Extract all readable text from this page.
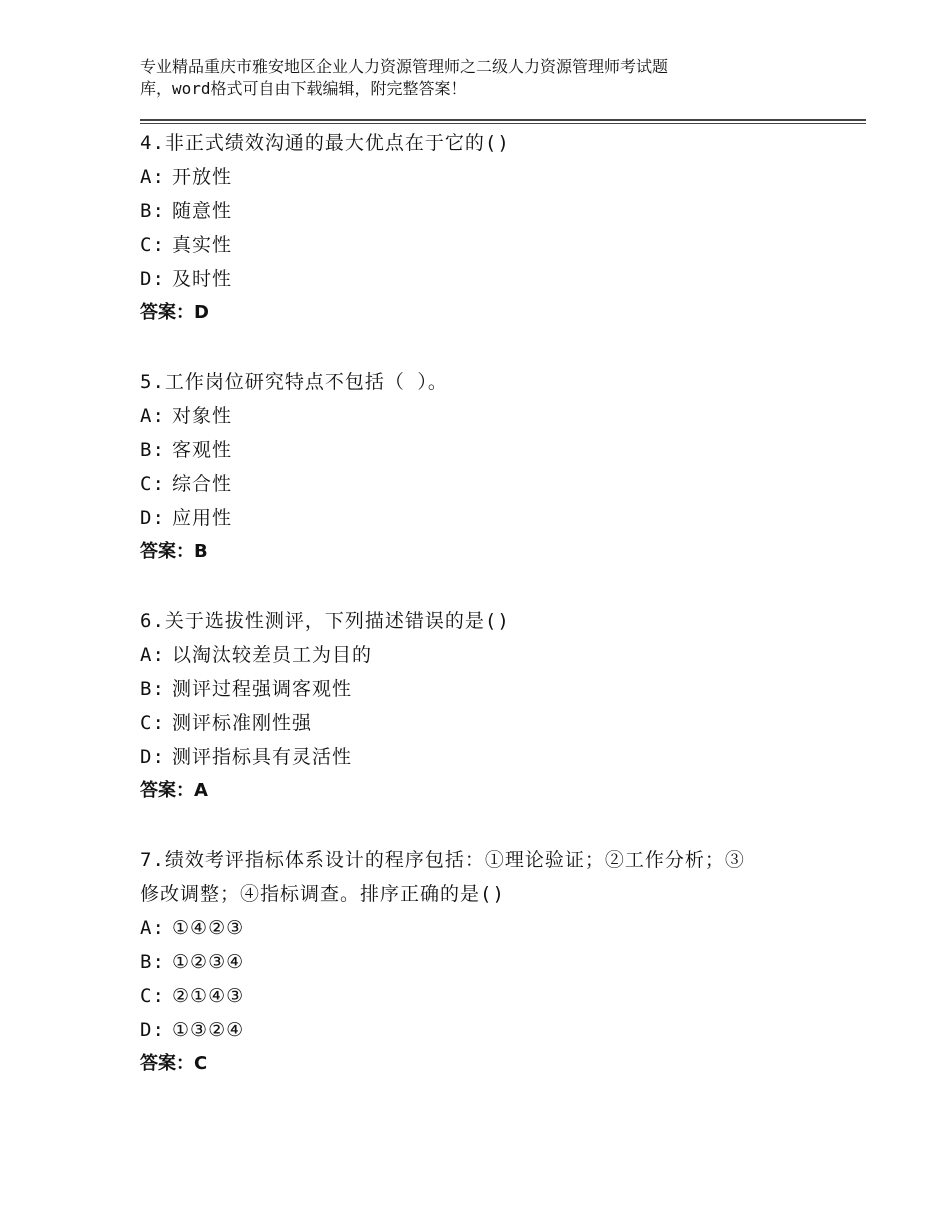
专业精品重庆市雅安地区企业人力资源管理师之二级人力资源管理师考试题
库，word格式可自由下载编辑，附完整答案！
4.非正式绩效沟通的最大优点在于它的()
A: 开放性
B: 随意性
C: 真实性
D: 及时性
答案：D
5.工作岗位研究特点不包括（ ）。
A: 对象性
B: 客观性
C: 综合性
D: 应用性
答案：B
6.关于选拔性测评，下列描述错误的是()
A: 以淘汰较差员工为目的
B: 测评过程强调客观性
C: 测评标准刚性强
D: 测评指标具有灵活性
答案：A
7.绩效考评指标体系设计的程序包括：①理论验证；②工作分析；③
修改调整；④指标调查。排序正确的是()
A: ①④②③
B: ①②③④
C: ②①④③
D: ①③②④
答案：C
